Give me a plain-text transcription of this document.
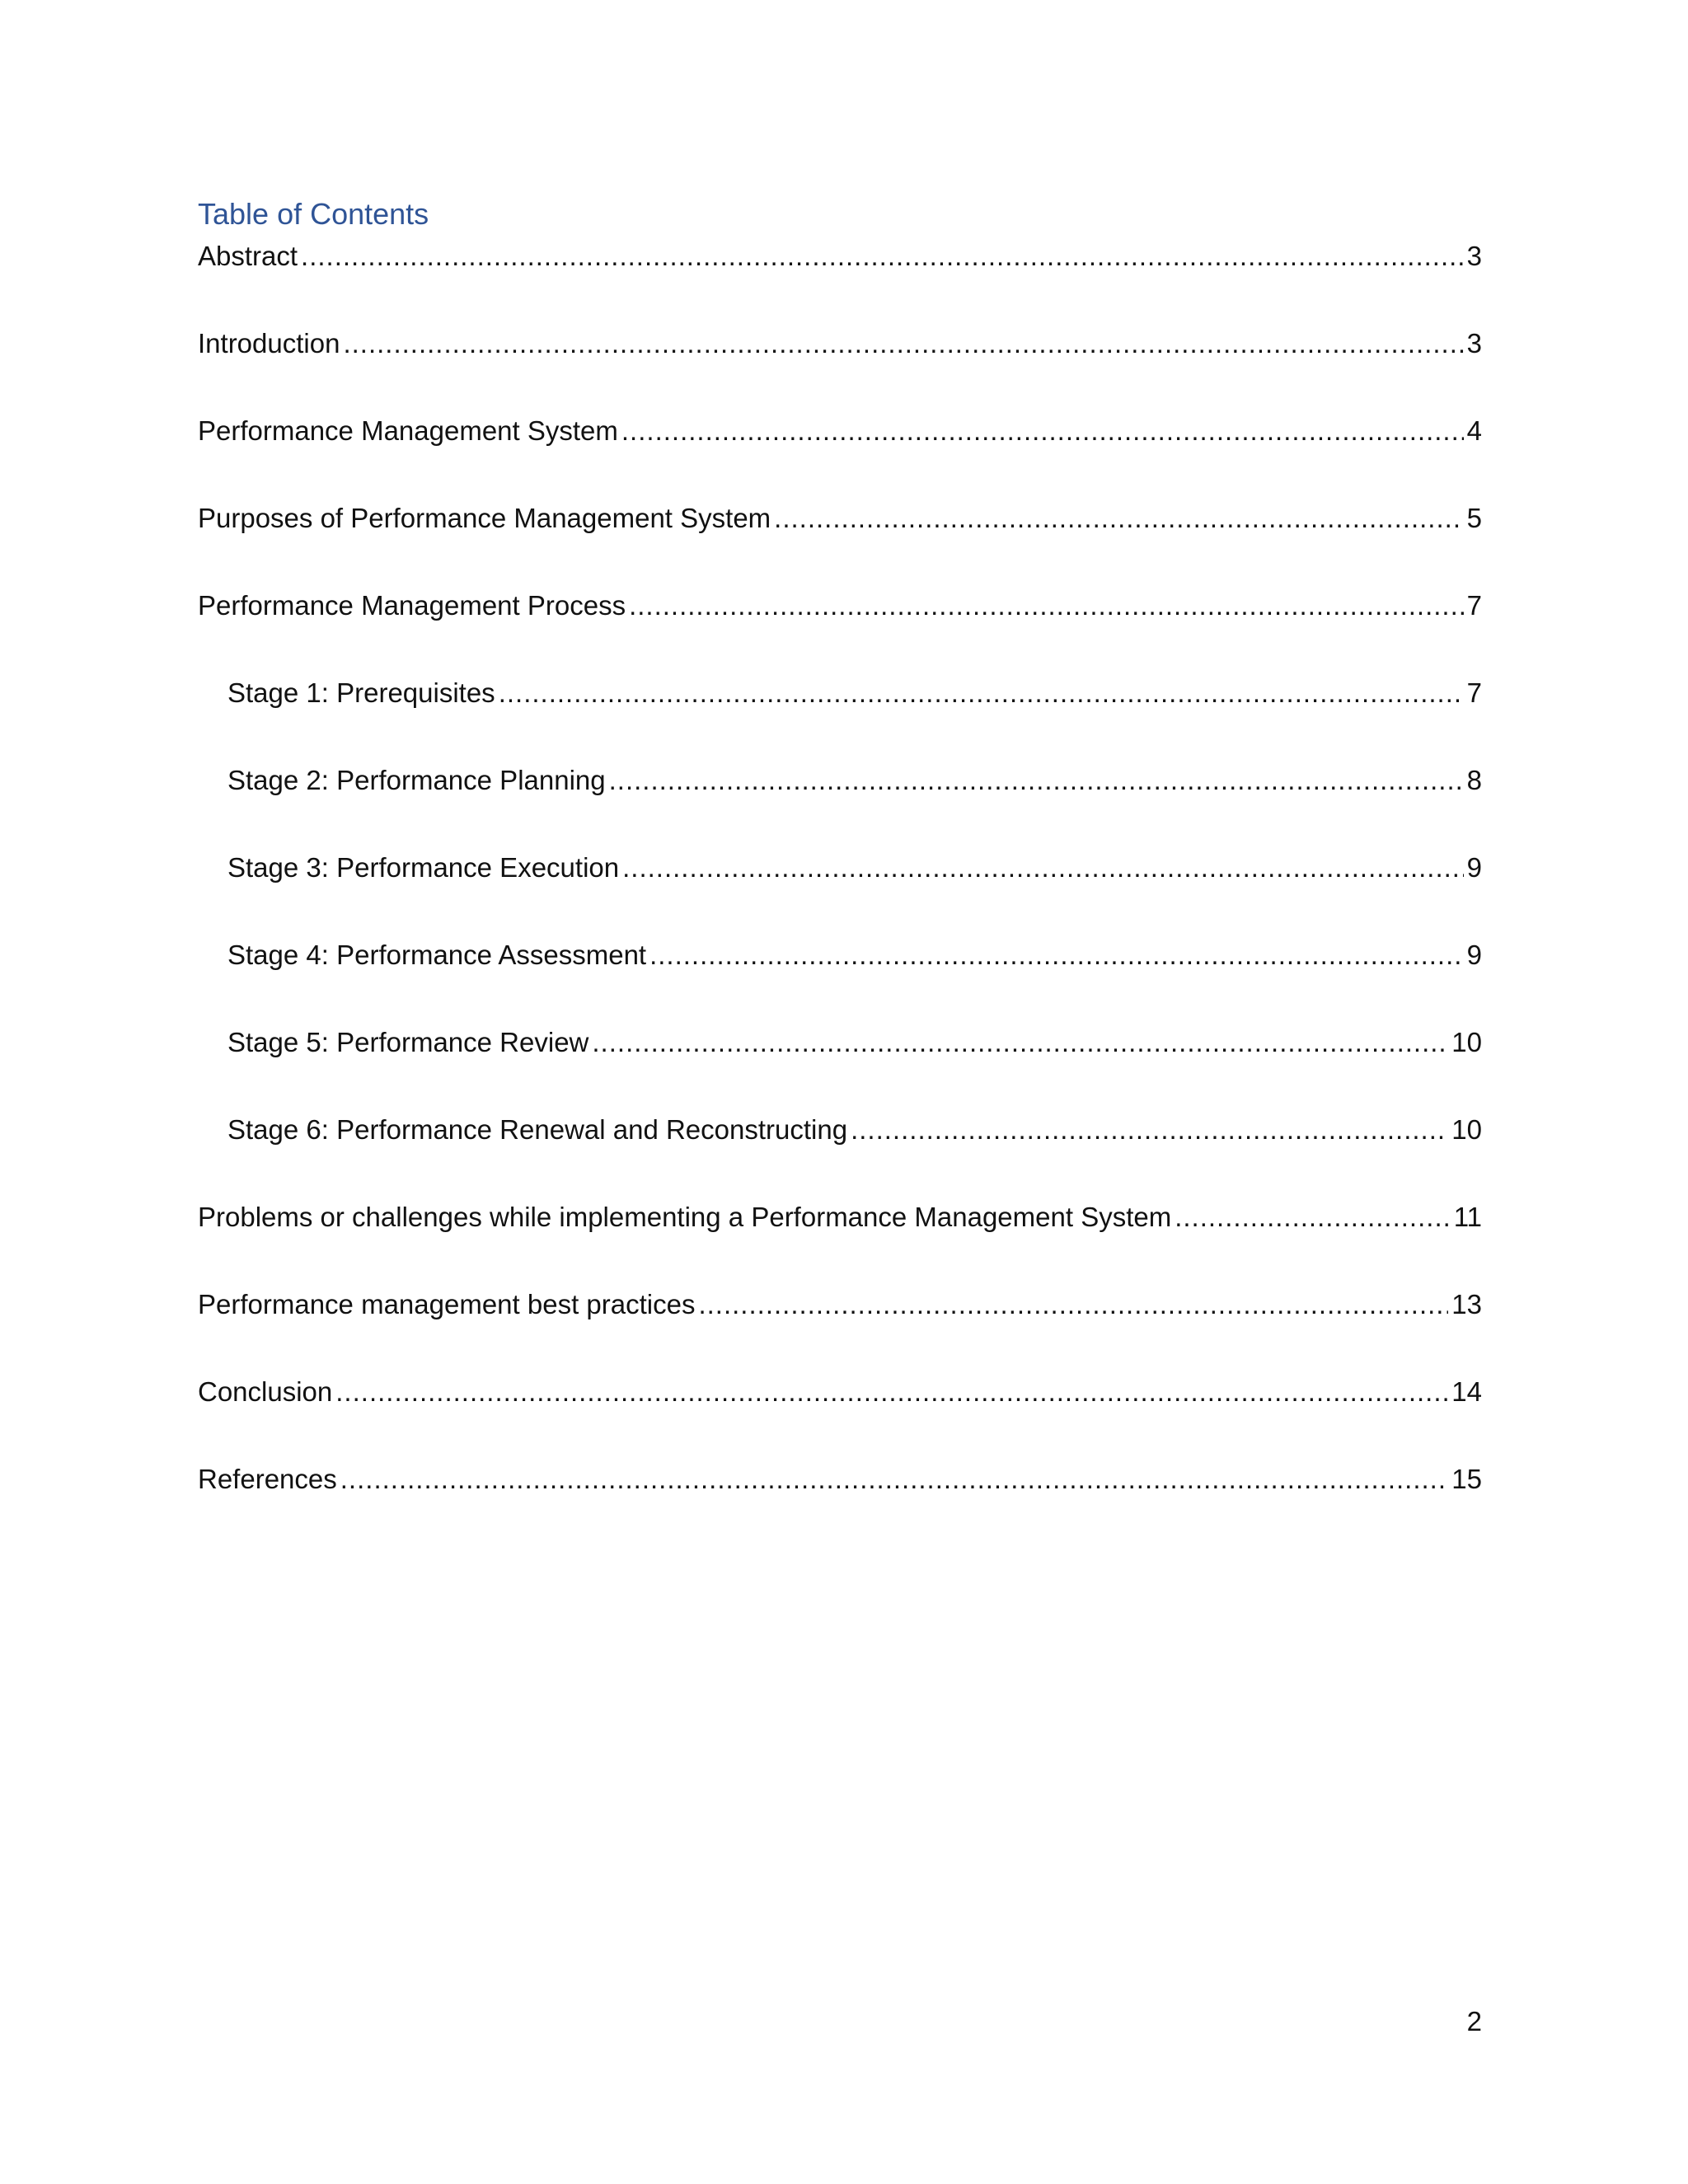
Table of Contents
Abstract .....	3
Introduction .....	3
Performance Management System .....	4
Purposes of Performance Management System .....	5
Performance Management Process .....	7
Stage 1: Prerequisites .....	7
Stage 2: Performance Planning .....	8
Stage 3: Performance Execution .....	9
Stage 4: Performance Assessment .....	9
Stage 5: Performance Review .....	10
Stage 6: Performance Renewal and Reconstructing .....	10
Problems or challenges while implementing a Performance Management System .....	11
Performance management best practices .....	13
Conclusion .....	14
References .....	15
2
